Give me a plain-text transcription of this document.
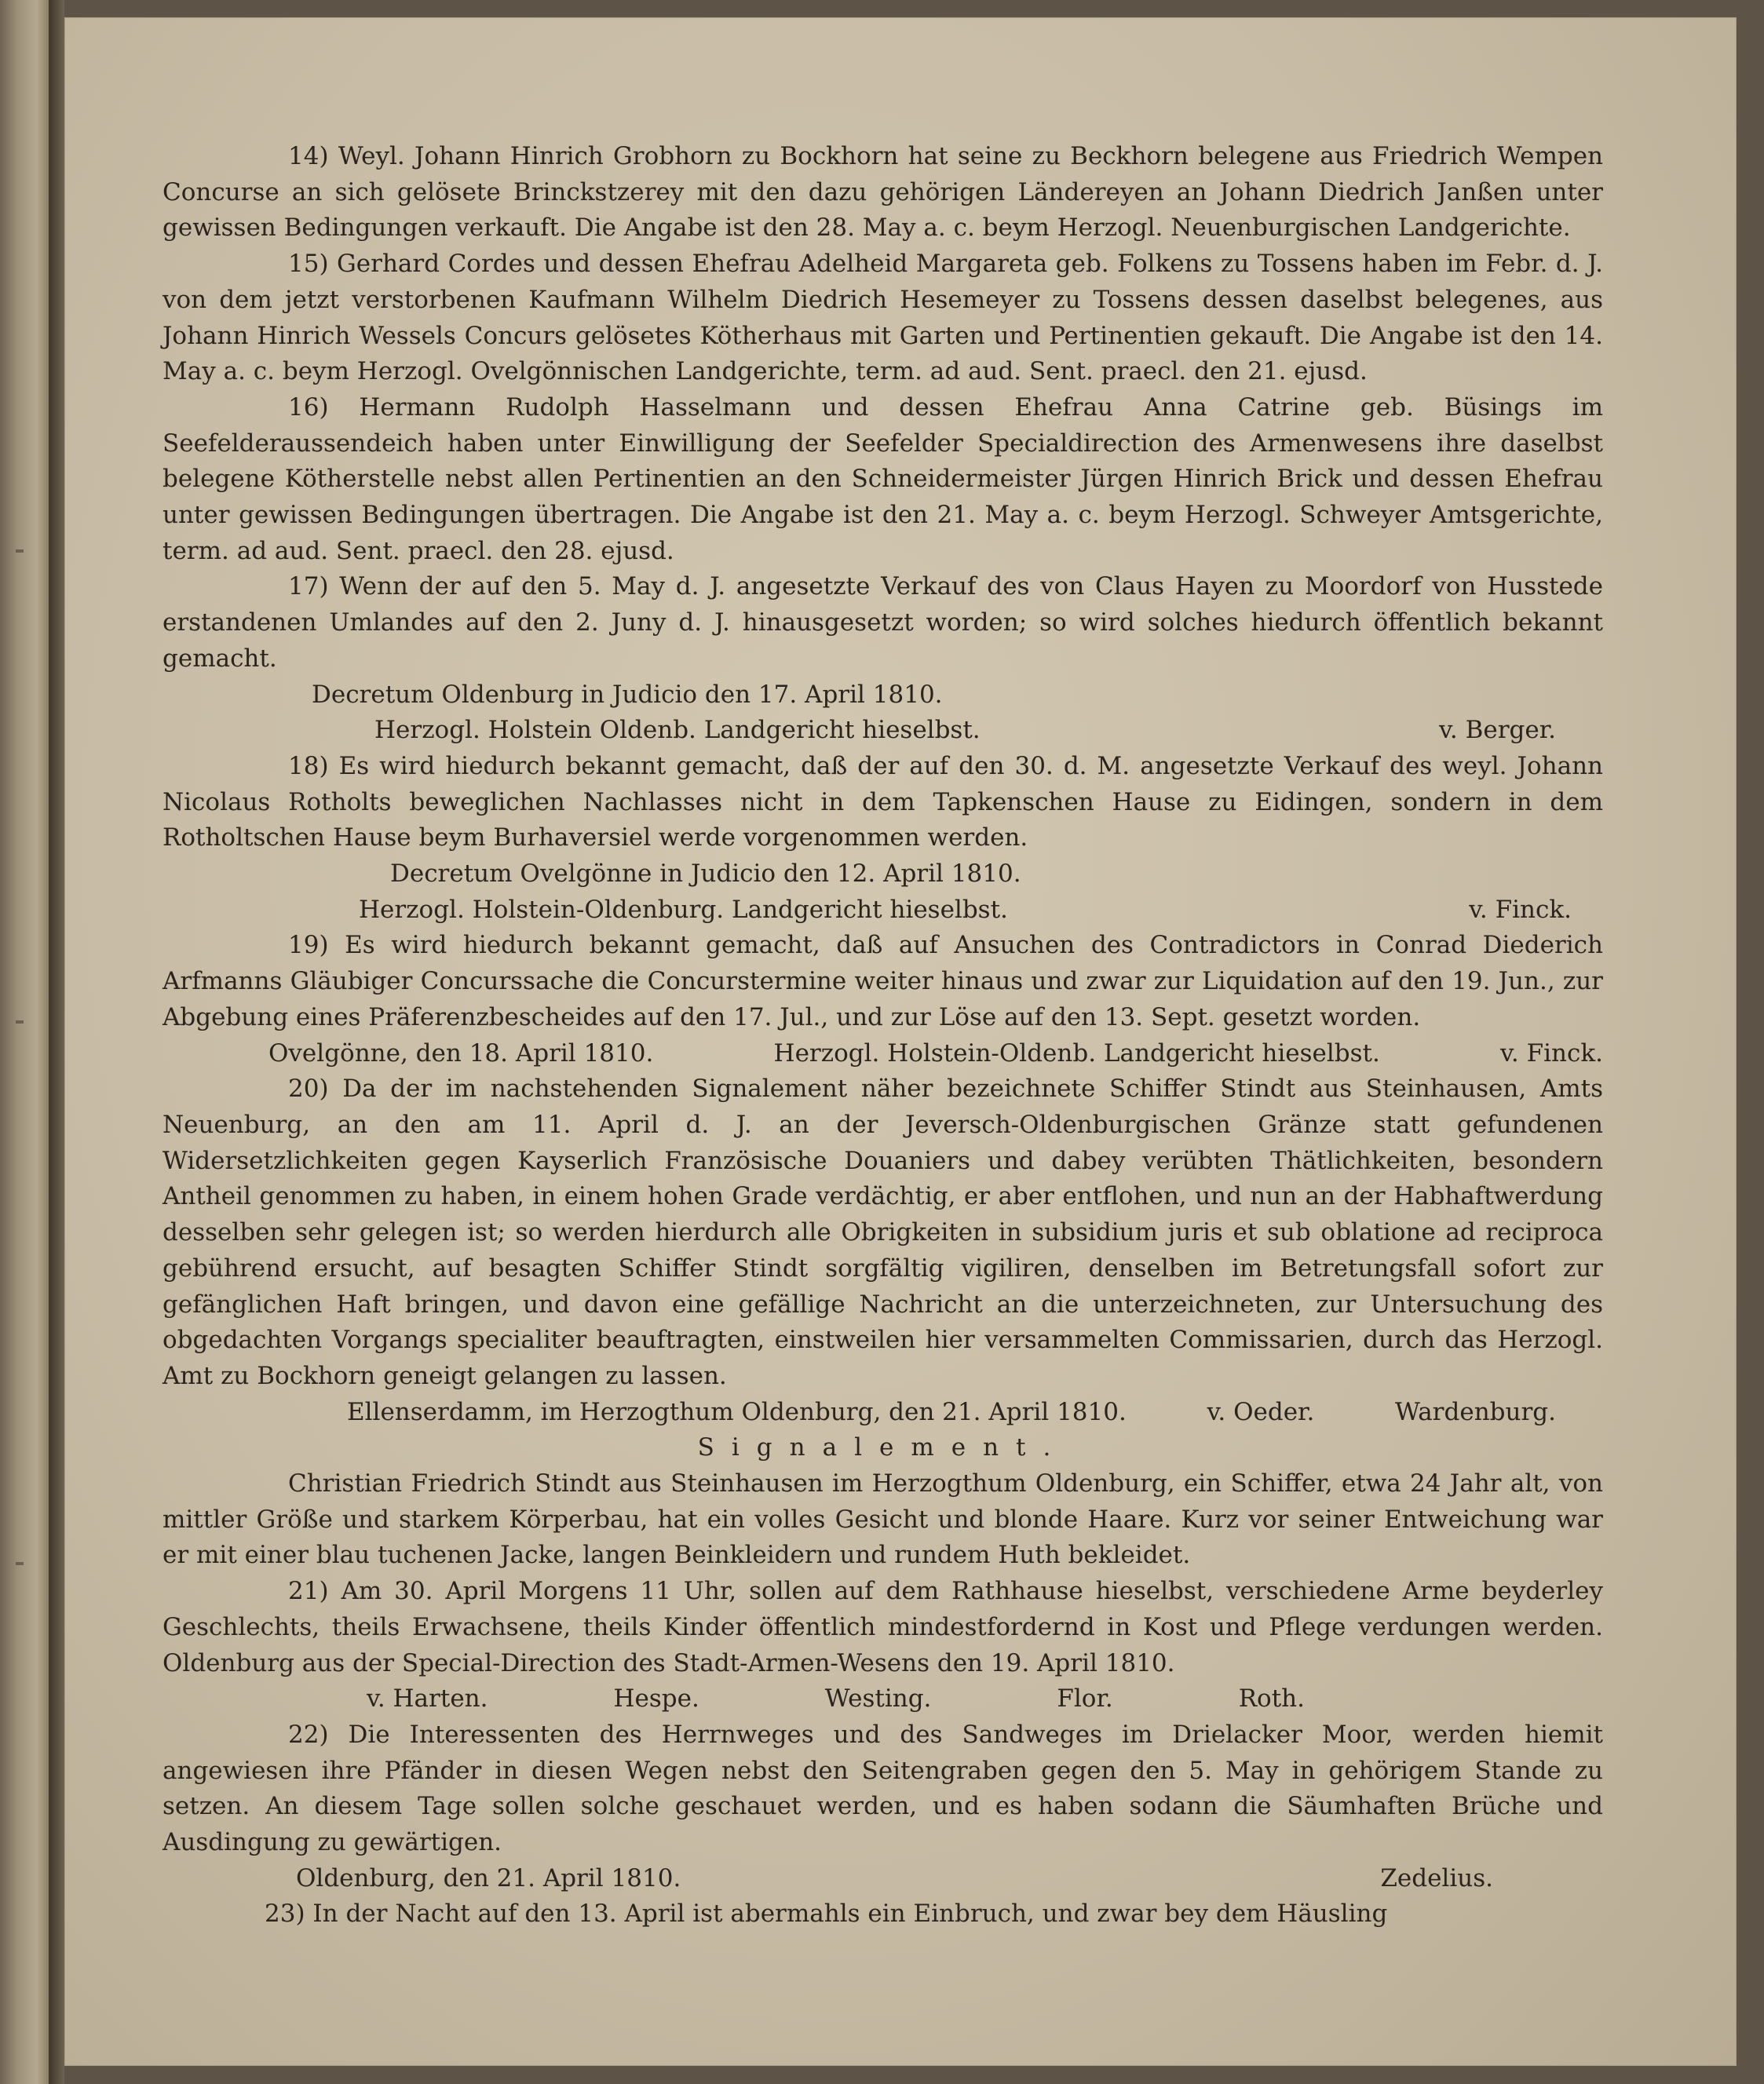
14) Weyl. Johann Hinrich Grobhorn zu Bockhorn hat seine zu Beckhorn belegene aus Friedrich Wempen Concurse an sich gelösete Brinckstzerey mit den dazu gehörigen Ländereyen an Johann Diedrich Janßen unter gewissen Bedingungen verkauft. Die Angabe ist den 28. May a. c. beym Herzogl. Neuenburgischen Landgerichte.

15) Gerhard Cordes und dessen Ehefrau Adelheid Margareta geb. Folkens zu Tossens haben im Febr. d. J. von dem jetzt verstorbenen Kaufmann Wilhelm Diedrich Hesemeyer zu Tossens dessen daselbst belegenes, aus Johann Hinrich Wessels Concurs gelösetes Kötherhaus mit Garten und Pertinentien gekauft. Die Angabe ist den 14. May a. c. beym Herzogl. Ovelgönnischen Landgerichte, term. ad aud. Sent. praecl. den 21. ejusd.

16) Hermann Rudolph Hasselmann und dessen Ehefrau Anna Catrine geb. Büsings im Seefelderaussendeich haben unter Einwilligung der Seefelder Specialdirection des Armenwesens ihre daselbst belegene Kötherstelle nebst allen Pertinentien an den Schneidermeister Jürgen Hinrich Brick und dessen Ehefrau unter gewissen Bedingungen übertragen. Die Angabe ist den 21. May a. c. beym Herzogl. Schweyer Amtsgerichte, term. ad aud. Sent. praecl. den 28. ejusd.

17) Wenn der auf den 5. May d. J. angesetzte Verkauf des von Claus Hayen zu Moordorf von Husstede erstandenen Umlandes auf den 2. Juny d. J. hinausgesetzt worden; so wird solches hiedurch öffentlich bekannt gemacht.

Decretum Oldenburg in Judicio den 17. April 1810.

Herzogl. Holstein Oldenb. Landgericht hieselbst.	v. Berger.

18) Es wird hiedurch bekannt gemacht, daß der auf den 30. d. M. angesetzte Verkauf des weyl. Johann Nicolaus Rotholts beweglichen Nachlasses nicht in dem Tapkenschen Hause zu Eidingen, sondern in dem Rotholtschen Hause beym Burhaversiel werde vorgenommen werden.

Decretum Ovelgönne in Judicio den 12. April 1810.

Herzogl. Holstein-Oldenburg. Landgericht hieselbst.	v. Finck.

19) Es wird hiedurch bekannt gemacht, daß auf Ansuchen des Contradictors in Conrad Diederich Arfmanns Gläubiger Concurssache die Concurstermine weiter hinaus und zwar zur Liquidation auf den 19. Jun., zur Abgebung eines Präferenzbescheides auf den 17. Jul., und zur Löse auf den 13. Sept. gesetzt worden.

Ovelgönne, den 18. April 1810.	Herzogl. Holstein-Oldenb. Landgericht hieselbst.	v. Finck.

20) Da der im nachstehenden Signalement näher bezeichnete Schiffer Stindt aus Steinhausen, Amts Neuenburg, an den am 11. April d. J. an der Jeversch-Oldenburgischen Gränze statt gefundenen Widersetzlichkeiten gegen Kayserlich Französische Douaniers und dabey verübten Thätlichkeiten, besondern Antheil genommen zu haben, in einem hohen Grade verdächtig, er aber entflohen, und nun an der Habhaftwerdung desselben sehr gelegen ist; so werden hierdurch alle Obrigkeiten in subsidium juris et sub oblatione ad reciproca gebührend ersucht, auf besagten Schiffer Stindt sorgfältig vigiliren, denselben im Betretungsfall sofort zur gefänglichen Haft bringen, und davon eine gefällige Nachricht an die unterzeichneten, zur Untersuchung des obgedachten Vorgangs specialiter beauftragten, einstweilen hier versammelten Commissarien, durch das Herzogl. Amt zu Bockhorn geneigt gelangen zu lassen.

Ellenserdamm, im Herzogthum Oldenburg, den 21. April 1810.	v. Oeder.	Wardenburg.

Signalement.

Christian Friedrich Stindt aus Steinhausen im Herzogthum Oldenburg, ein Schiffer, etwa 24 Jahr alt, von mittler Größe und starkem Körperbau, hat ein volles Gesicht und blonde Haare. Kurz vor seiner Entweichung war er mit einer blau tuchenen Jacke, langen Beinkleidern und rundem Huth bekleidet.

21) Am 30. April Morgens 11 Uhr, sollen auf dem Rathhause hieselbst, verschiedene Arme beyderley Geschlechts, theils Erwachsene, theils Kinder öffentlich mindestfordernd in Kost und Pflege verdungen werden. Oldenburg aus der Special-Direction des Stadt-Armen-Wesens den 19. April 1810.

v. Harten.	Hespe.	Westing.	Flor.	Roth.

22) Die Interessenten des Herrnweges und des Sandweges im Drielacker Moor, werden hiemit angewiesen ihre Pfänder in diesen Wegen nebst den Seitengraben gegen den 5. May in gehörigem Stande zu setzen. An diesem Tage sollen solche geschauet werden, und es haben sodann die Säumhaften Brüche und Ausdingung zu gewärtigen.

Oldenburg, den 21. April 1810.	Zedelius.

23) In der Nacht auf den 13. April ist abermahls ein Einbruch, und zwar bey dem Häusling
